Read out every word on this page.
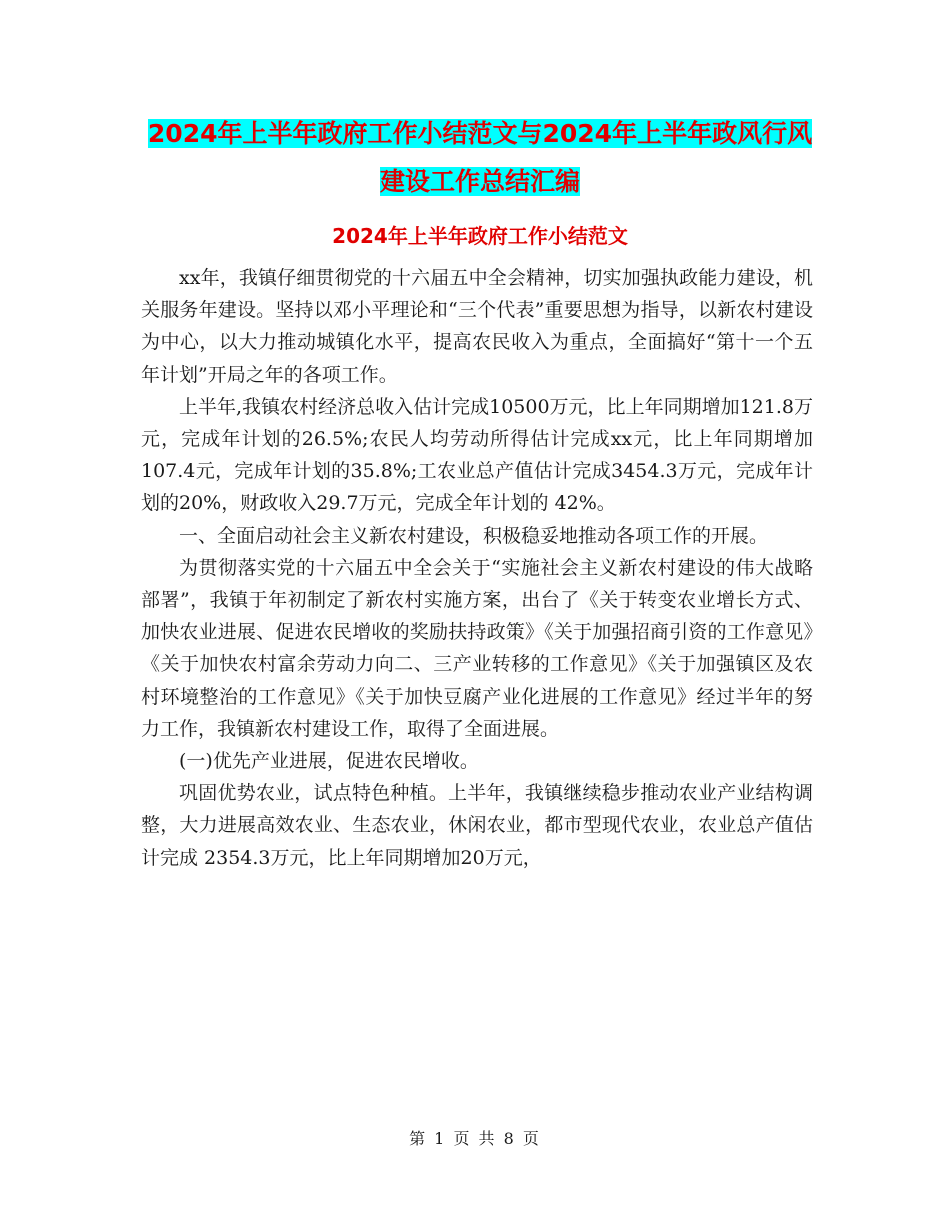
2024年上半年政府工作小结范文与2024年上半年政风行风建设工作总结汇编
2024年上半年政府工作小结范文

xx年，我镇仔细贯彻党的十六届五中全会精神，切实加强执政能力建设，机关服务年建设。坚持以邓小平理论和“三个代表”重要思想为指导，以新农村建设为中心，以大力推动城镇化水平，提高农民收入为重点，全面搞好“第十一个五年计划”开局之年的各项工作。

上半年,我镇农村经济总收入估计完成10500万元，比上年同期增加121.8万元，完成年计划的26.5%;农民人均劳动所得估计完成xx元，比上年同期增加107.4元，完成年计划的35.8%;工农业总产值估计完成3454.3万元，完成年计划的20%，财政收入29.7万元，完成全年计划的 42%。

一、全面启动社会主义新农村建设，积极稳妥地推动各项工作的开展。

为贯彻落实党的十六届五中全会关于“实施社会主义新农村建设的伟大战略部署”，我镇于年初制定了新农村实施方案，出台了《关于转变农业增长方式、加快农业进展、促进农民增收的奖励扶持政策》《关于加强招商引资的工作意见》《关于加快农村富余劳动力向二、三产业转移的工作意见》《关于加强镇区及农村环境整治的工作意见》《关于加快豆腐产业化进展的工作意见》经过半年的努力工作，我镇新农村建设工作，取得了全面进展。

(一)优先产业进展，促进农民增收。

巩固优势农业，试点特色种植。上半年，我镇继续稳步推动农业产业结构调整，大力进展高效农业、生态农业，休闲农业，都市型现代农业，农业总产值估计完成 2354.3万元，比上年同期增加20万元，

第 1 页 共 8 页
